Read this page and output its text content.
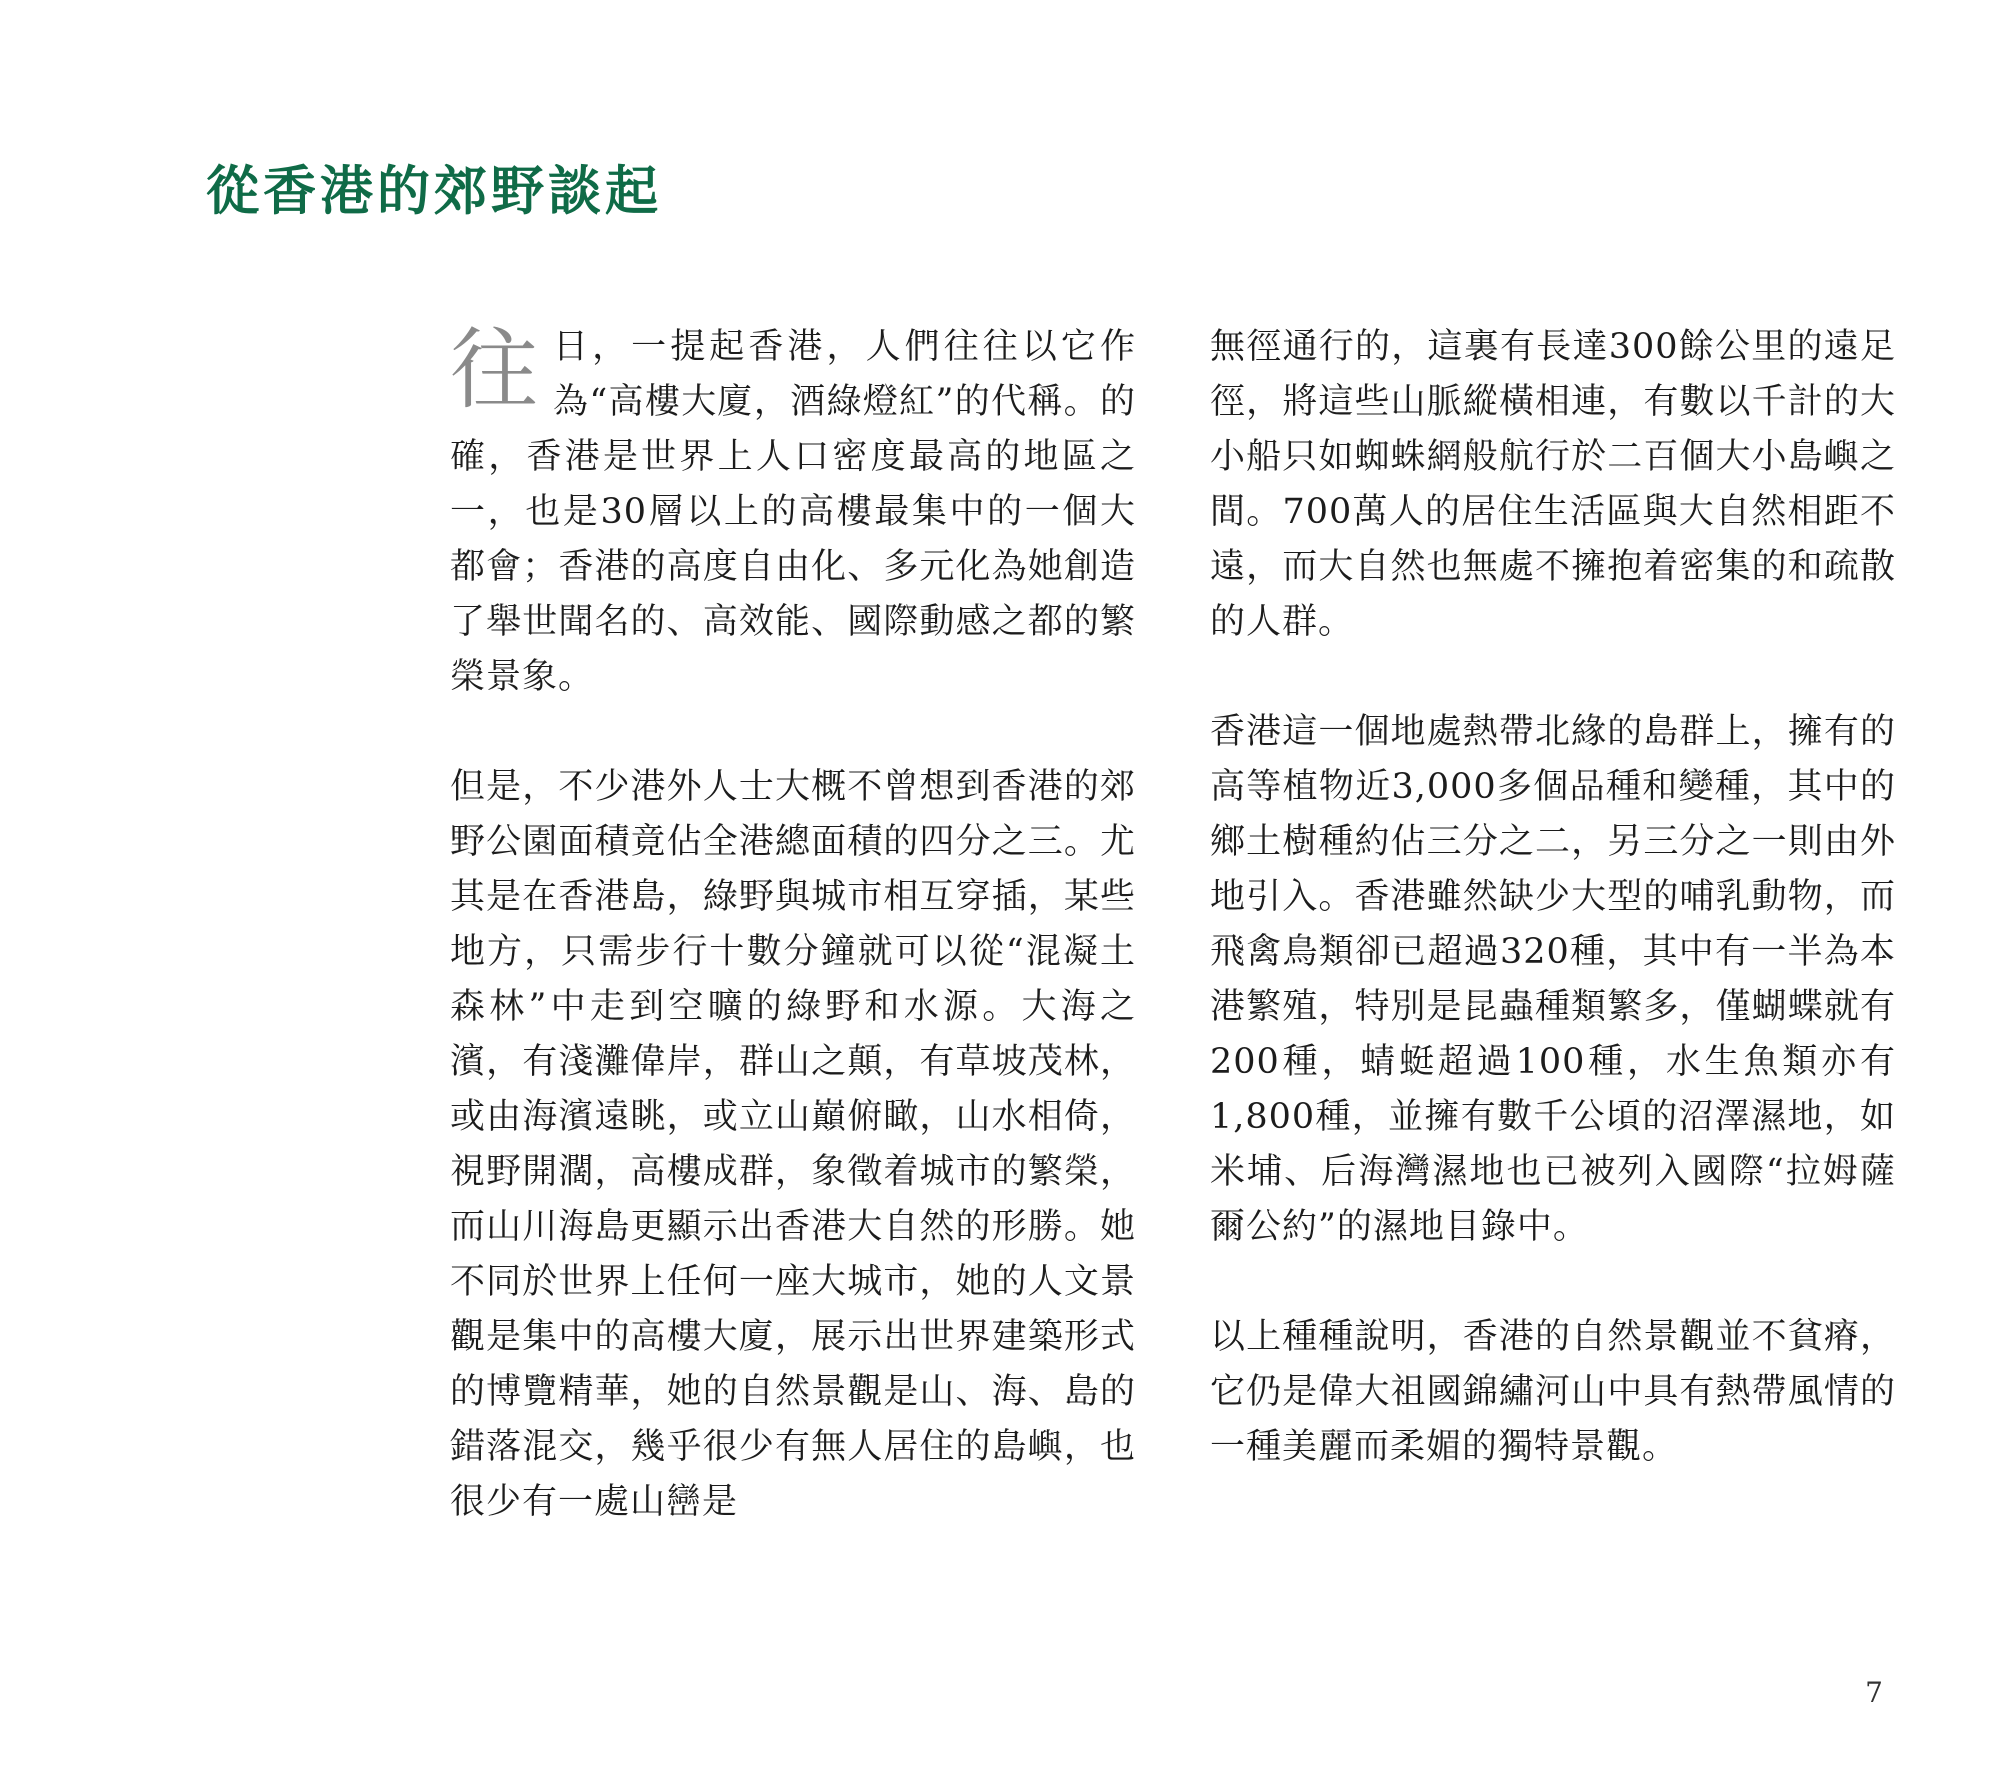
從香港的郊野談起

往日，一提起香港，人們往往以它作為“高樓大廈，酒綠燈紅”的代稱。的確，香港是世界上人口密度最高的地區之一，也是30層以上的高樓最集中的一個大都會；香港的高度自由化、多元化為她創造了舉世聞名的、高效能、國際動感之都的繁榮景象。

但是，不少港外人士大概不曾想到香港的郊野公園面積竟佔全港總面積的四分之三。尤其是在香港島，綠野與城市相互穿插，某些地方，只需步行十數分鐘就可以從“混凝土森林”中走到空曠的綠野和水源。大海之濱，有淺灘偉岸，群山之顛，有草坡茂林，或由海濱遠眺，或立山巔俯瞰，山水相倚，視野開濶，高樓成群，象徵着城市的繁榮，而山川海島更顯示出香港大自然的形勝。她不同於世界上任何一座大城市，她的人文景觀是集中的高樓大廈，展示出世界建築形式的博覽精華，她的自然景觀是山、海、島的錯落混交，幾乎很少有無人居住的島嶼，也很少有一處山巒是

無徑通行的，這裏有長達300餘公里的遠足徑，將這些山脈縱橫相連，有數以千計的大小船只如蜘蛛網般航行於二百個大小島嶼之間。700萬人的居住生活區與大自然相距不遠，而大自然也無處不擁抱着密集的和疏散的人群。

香港這一個地處熱帶北緣的島群上，擁有的高等植物近3,000多個品種和變種，其中的鄉土樹種約佔三分之二，另三分之一則由外地引入。香港雖然缺少大型的哺乳動物，而飛禽鳥類卻已超過320種，其中有一半為本港繁殖，特別是昆蟲種類繁多，僅蝴蝶就有200種，蜻蜓超過100種，水生魚類亦有1,800種，並擁有數千公頃的沼澤濕地，如米埔、后海灣濕地也已被列入國際“拉姆薩爾公約”的濕地目錄中。

以上種種說明，香港的自然景觀並不貧瘠，它仍是偉大祖國錦繡河山中具有熱帶風情的一種美麗而柔媚的獨特景觀。

7
